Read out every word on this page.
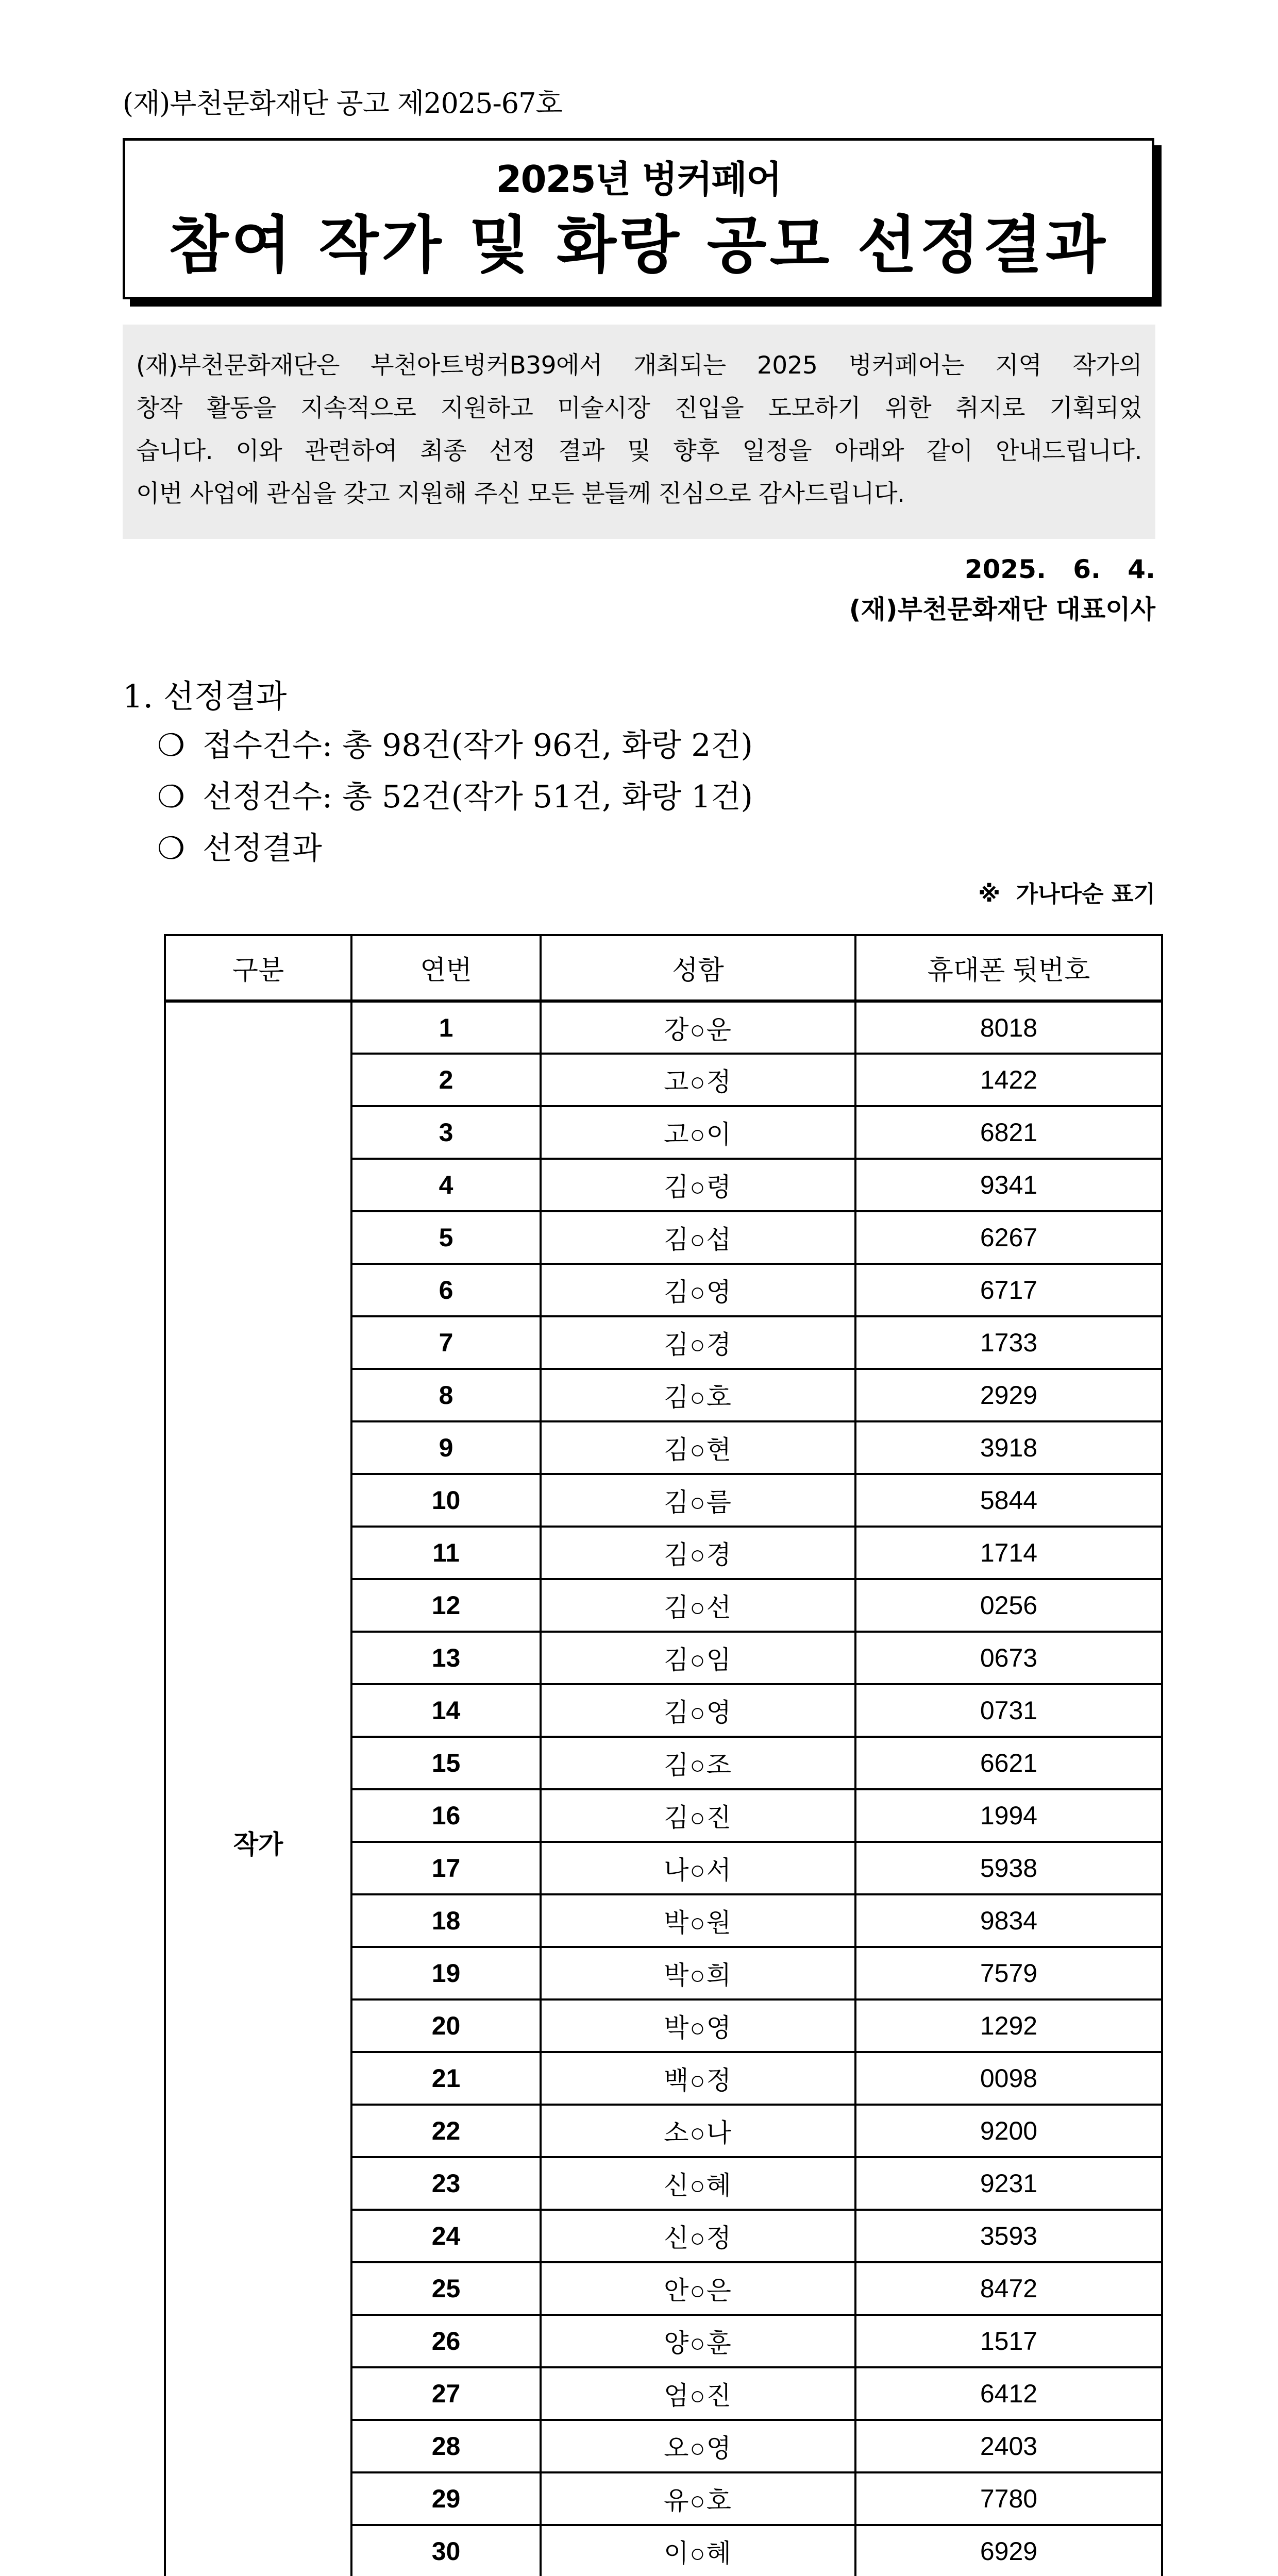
(재)부천문화재단 공고 제2025-67호
2025년 벙커페어
참여 작가 및 화랑 공모 선정결과
(재)부천문화재단은 부천아트벙커B39에서 개최되는 2025 벙커페어는 지역 작가의
창작 활동을 지속적으로 지원하고 미술시장 진입을 도모하기 위한 취지로 기획되었
습니다. 이와 관련하여 최종 선정 결과 및 향후 일정을 아래와 같이 안내드립니다.
이번 사업에 관심을 갖고 지원해 주신 모든 분들께 진심으로 감사드립니다.
2025.   6.   4.
(재)부천문화재단 대표이사
1. 선정결과
❍ 접수건수: 총 98건(작가 96건, 화랑 2건)
❍ 선정건수: 총 52건(작가 51건, 화랑 1건)
❍ 선정결과
※  가나다순 표기
구분	연번	성함	휴대폰 뒷번호
작가	1	강○운	8018
	2	고○정	1422
	3	고○이	6821
	4	김○령	9341
	5	김○섭	6267
	6	김○영	6717
	7	김○경	1733
	8	김○호	2929
	9	김○현	3918
	10	김○름	5844
	11	김○경	1714
	12	김○선	0256
	13	김○임	0673
	14	김○영	0731
	15	김○조	6621
	16	김○진	1994
	17	나○서	5938
	18	박○원	9834
	19	박○희	7579
	20	박○영	1292
	21	백○정	0098
	22	소○나	9200
	23	신○혜	9231
	24	신○정	3593
	25	안○은	8472
	26	양○훈	1517
	27	엄○진	6412
	28	오○영	2403
	29	유○호	7780
	30	이○혜	6929
